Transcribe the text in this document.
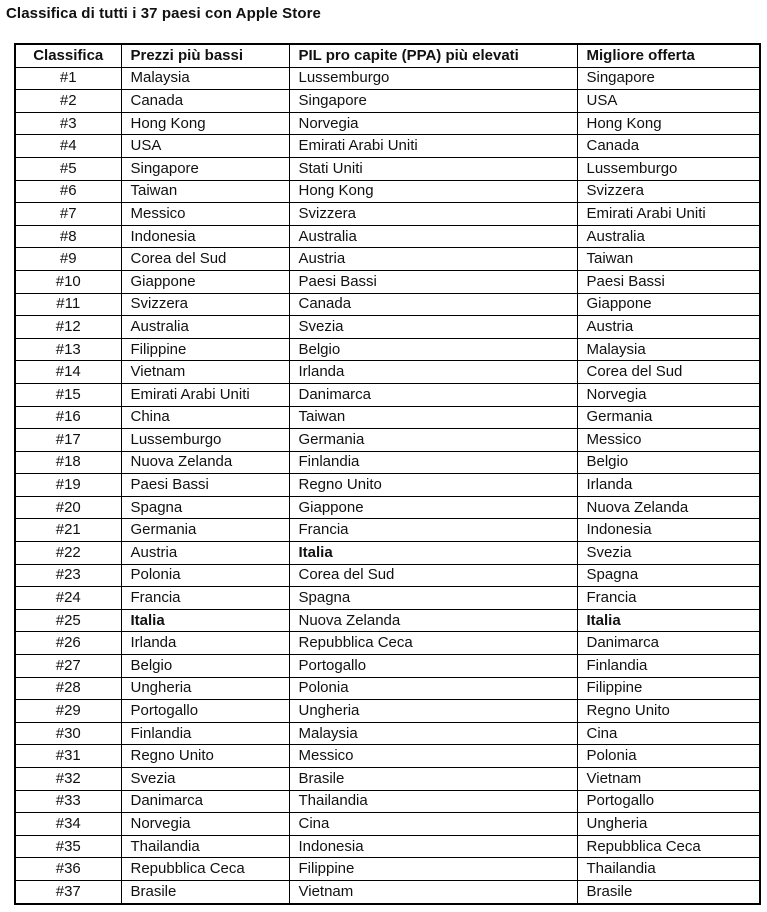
Classifica di tutti i 37 paesi con Apple Store
Classifica	Prezzi più bassi	PIL pro capite (PPA) più elevati	Migliore offerta
#1	Malaysia	Lussemburgo	Singapore
#2	Canada	Singapore	USA
#3	Hong Kong	Norvegia	Hong Kong
#4	USA	Emirati Arabi Uniti	Canada
#5	Singapore	Stati Uniti	Lussemburgo
#6	Taiwan	Hong Kong	Svizzera
#7	Messico	Svizzera	Emirati Arabi Uniti
#8	Indonesia	Australia	Australia
#9	Corea del Sud	Austria	Taiwan
#10	Giappone	Paesi Bassi	Paesi Bassi
#11	Svizzera	Canada	Giappone
#12	Australia	Svezia	Austria
#13	Filippine	Belgio	Malaysia
#14	Vietnam	Irlanda	Corea del Sud
#15	Emirati Arabi Uniti	Danimarca	Norvegia
#16	China	Taiwan	Germania
#17	Lussemburgo	Germania	Messico
#18	Nuova Zelanda	Finlandia	Belgio
#19	Paesi Bassi	Regno Unito	Irlanda
#20	Spagna	Giappone	Nuova Zelanda
#21	Germania	Francia	Indonesia
#22	Austria	Italia	Svezia
#23	Polonia	Corea del Sud	Spagna
#24	Francia	Spagna	Francia
#25	Italia	Nuova Zelanda	Italia
#26	Irlanda	Repubblica Ceca	Danimarca
#27	Belgio	Portogallo	Finlandia
#28	Ungheria	Polonia	Filippine
#29	Portogallo	Ungheria	Regno Unito
#30	Finlandia	Malaysia	Cina
#31	Regno Unito	Messico	Polonia
#32	Svezia	Brasile	Vietnam
#33	Danimarca	Thailandia	Portogallo
#34	Norvegia	Cina	Ungheria
#35	Thailandia	Indonesia	Repubblica Ceca
#36	Repubblica Ceca	Filippine	Thailandia
#37	Brasile	Vietnam	Brasile
